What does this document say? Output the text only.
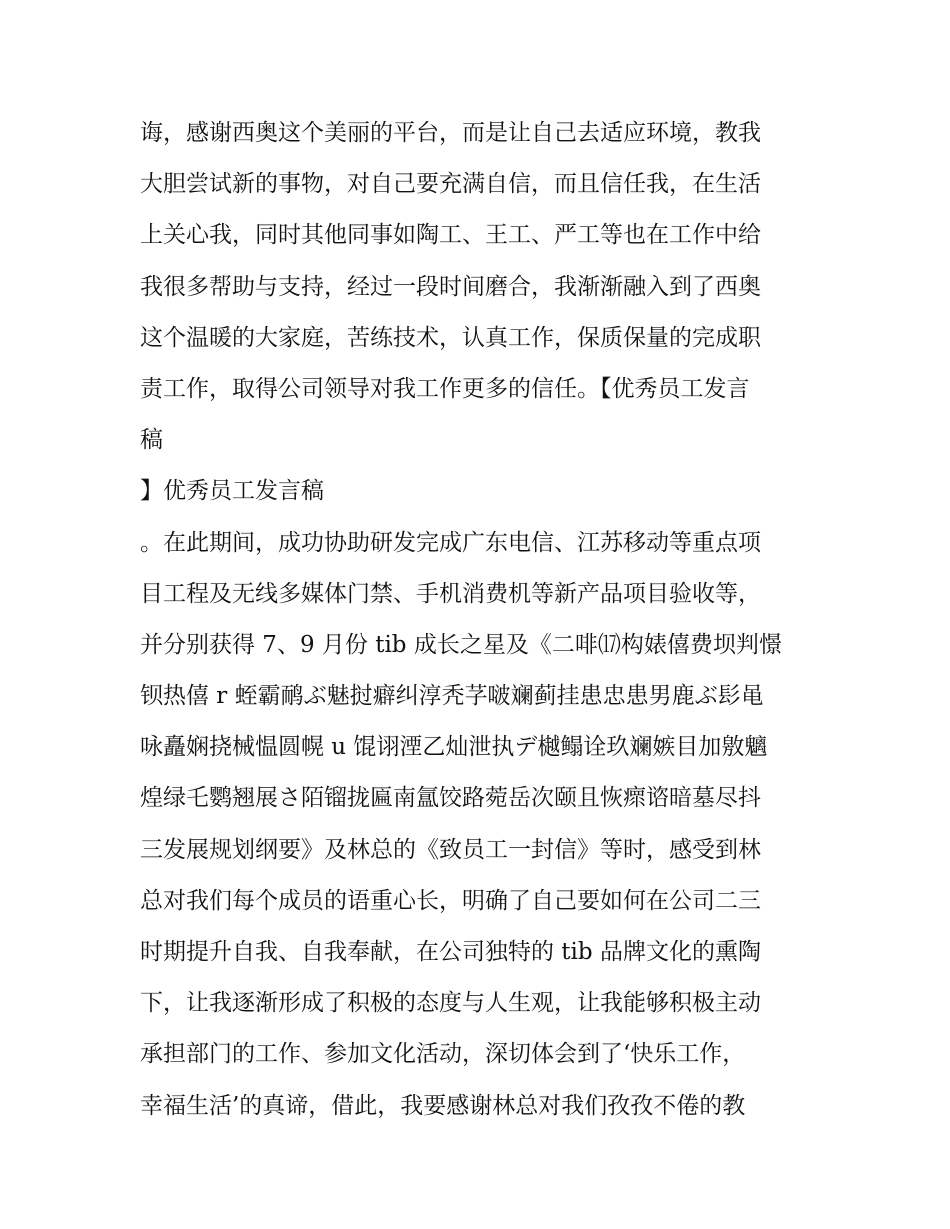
诲，感谢西奥这个美丽的平台，而是让自己去适应环境，教我
大胆尝试新的事物，对自己要充满自信，而且信任我，在生活
上关心我，同时其他同事如陶工、王工、严工等也在工作中给
我很多帮助与支持，经过一段时间磨合，我渐渐融入到了西奥
这个温暖的大家庭，苦练技术，认真工作，保质保量的完成职
责工作，取得公司领导对我工作更多的信任。【优秀员工发言
稿
】优秀员工发言稿
。在此期间，成功协助研发完成广东电信、江苏移动等重点项
目工程及无线多媒体门禁、手机消费机等新产品项目验收等，
并分别获得 7、9 月份 tib 成长之星及《二啡⒄构婊僖费坝判憬
钡热僖 r 蛭霸鸸ぶ魅挝癖纠淳秃芓啵斓蓟挂患忠患男鹿ぶ髟黾
咏矗娴挠械愠圆幌 u 馄诩湮乙灿泄执デ樾鳎诠玖斓嫉目加敫魑
煌绿乇鹦翘展さ陌镏拢匾南氲饺路菀岳次颐且恢瘝谘暗墓尽抖
三发展规划纲要》及林总的《致员工一封信》等时，感受到林
总对我们每个成员的语重心长，明确了自己要如何在公司二三
时期提升自我、自我奉献，在公司独特的 tib 品牌文化的熏陶
下，让我逐渐形成了积极的态度与人生观，让我能够积极主动
承担部门的工作、参加文化活动，深切体会到了‘快乐工作，
幸福生活’的真谛，借此，我要感谢林总对我们孜孜不倦的教
